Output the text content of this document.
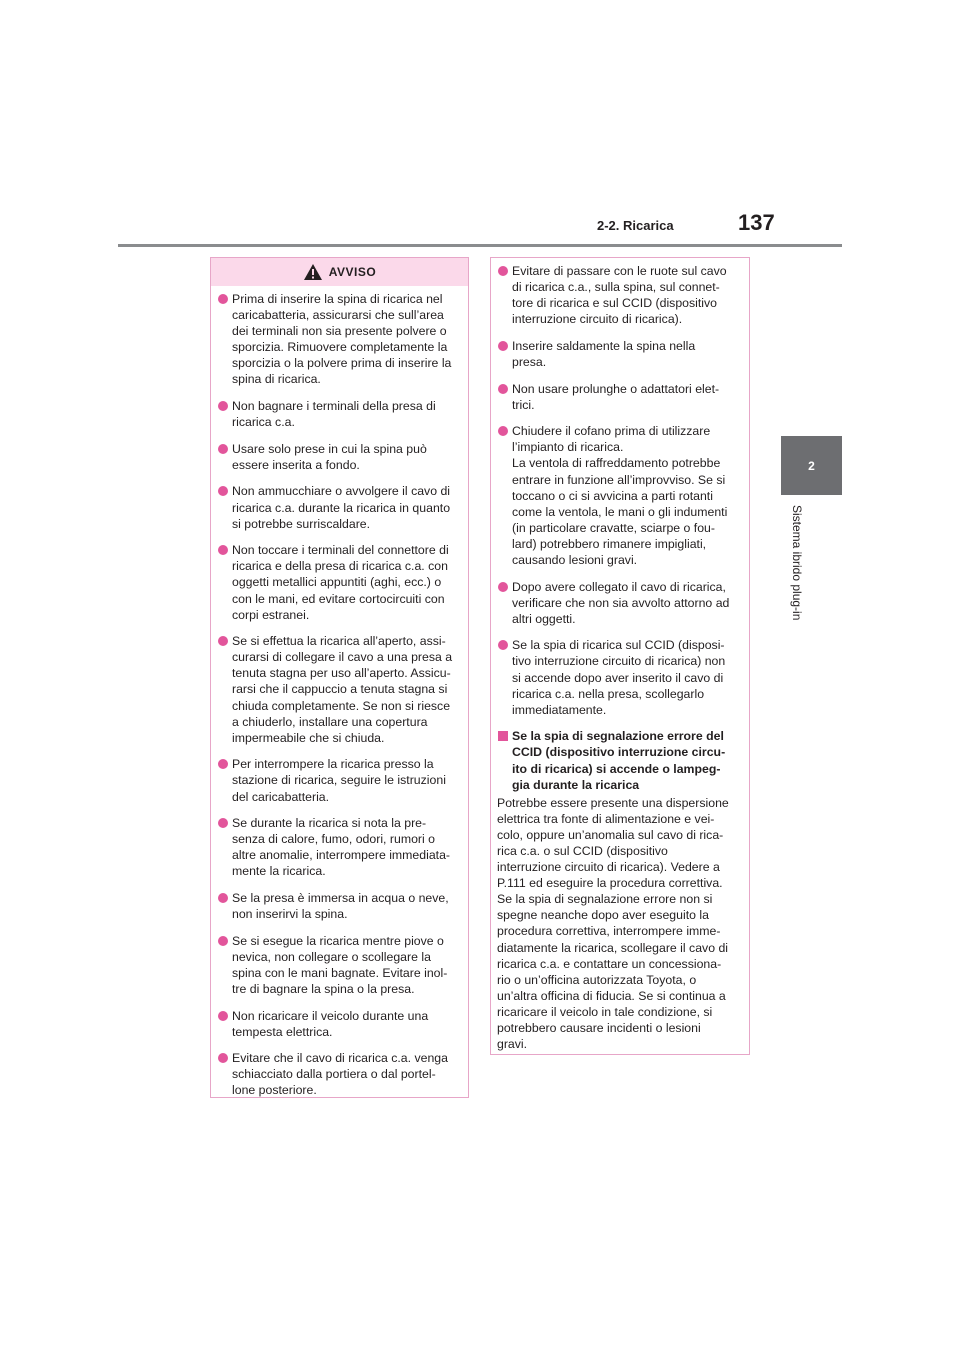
2-2. Ricarica	137
2
Sistema ibrido plug-in
AVVISO
Prima di inserire la spina di ricarica nel
caricabatteria, assicurarsi che sull’area
dei terminali non sia presente polvere o
sporcizia. Rimuovere completamente la
sporcizia o la polvere prima di inserire la
spina di ricarica.
Non bagnare i terminali della presa di
ricarica c.a.
Usare solo prese in cui la spina può
essere inserita a fondo.
Non ammucchiare o avvolgere il cavo di
ricarica c.a. durante la ricarica in quanto
si potrebbe surriscaldare.
Non toccare i terminali del connettore di
ricarica e della presa di ricarica c.a. con
oggetti metallici appuntiti (aghi, ecc.) o
con le mani, ed evitare cortocircuiti con
corpi estranei.
Se si effettua la ricarica all’aperto, assi-
curarsi di collegare il cavo a una presa a
tenuta stagna per uso all’aperto. Assicu-
rarsi che il cappuccio a tenuta stagna si
chiuda completamente. Se non si riesce
a chiuderlo, installare una copertura
impermeabile che si chiuda.
Per interrompere la ricarica presso la
stazione di ricarica, seguire le istruzioni
del caricabatteria.
Se durante la ricarica si nota la pre-
senza di calore, fumo, odori, rumori o
altre anomalie, interrompere immediata-
mente la ricarica.
Se la presa è immersa in acqua o neve,
non inserirvi la spina.
Se si esegue la ricarica mentre piove o
nevica, non collegare o scollegare la
spina con le mani bagnate. Evitare inol-
tre di bagnare la spina o la presa.
Non ricaricare il veicolo durante una
tempesta elettrica.
Evitare che il cavo di ricarica c.a. venga
schiacciato dalla portiera o dal portel-
lone posteriore.
Evitare di passare con le ruote sul cavo
di ricarica c.a., sulla spina, sul connet-
tore di ricarica e sul CCID (dispositivo
interruzione circuito di ricarica).
Inserire saldamente la spina nella
presa.
Non usare prolunghe o adattatori elet-
trici.
Chiudere il cofano prima di utilizzare
l’impianto di ricarica.
La ventola di raffreddamento potrebbe
entrare in funzione all’improvviso. Se si
toccano o ci si avvicina a parti rotanti
come la ventola, le mani o gli indumenti
(in particolare cravatte, sciarpe o fou-
lard) potrebbero rimanere impigliati,
causando lesioni gravi.
Dopo avere collegato il cavo di ricarica,
verificare che non sia avvolto attorno ad
altri oggetti.
Se la spia di ricarica sul CCID (disposi-
tivo interruzione circuito di ricarica) non
si accende dopo aver inserito il cavo di
ricarica c.a. nella presa, scollegarlo
immediatamente.
Se la spia di segnalazione errore del
CCID (dispositivo interruzione circu-
ito di ricarica) si accende o lampeg-
gia durante la ricarica
Potrebbe essere presente una dispersione
elettrica tra fonte di alimentazione e vei-
colo, oppure un’anomalia sul cavo di rica-
rica c.a. o sul CCID (dispositivo
interruzione circuito di ricarica). Vedere a
P.111 ed eseguire la procedura correttiva.
Se la spia di segnalazione errore non si
spegne neanche dopo aver eseguito la
procedura correttiva, interrompere imme-
diatamente la ricarica, scollegare il cavo di
ricarica c.a. e contattare un concessiona-
rio o un’officina autorizzata Toyota, o
un’altra officina di fiducia. Se si continua a
ricaricare il veicolo in tale condizione, si
potrebbero causare incidenti o lesioni
gravi.
